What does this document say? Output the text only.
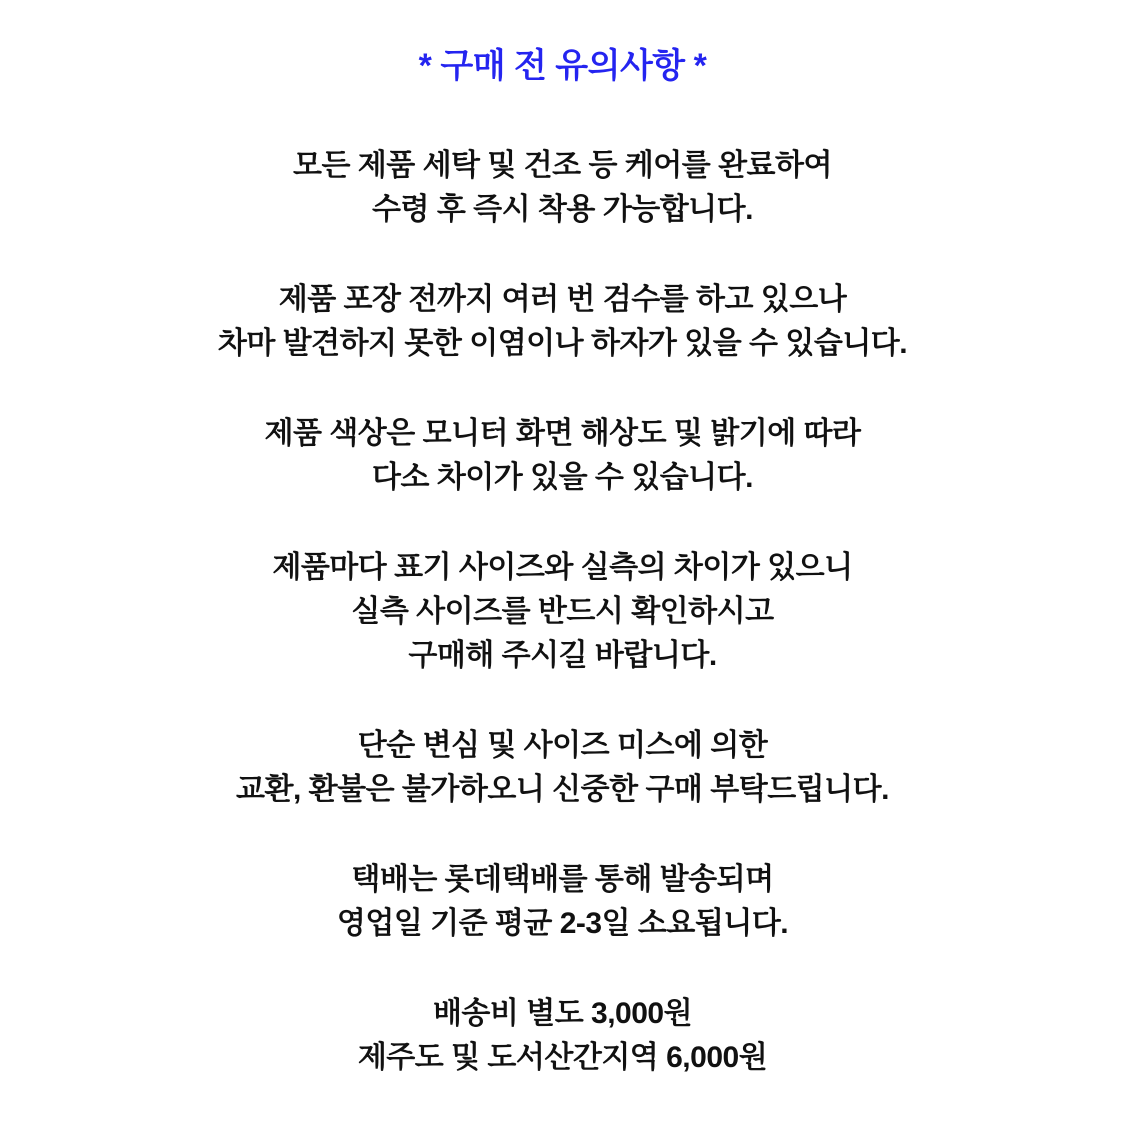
* 구매 전 유의사항 *

모든 제품 세탁 및 건조 등 케어를 완료하여
수령 후 즉시 착용 가능합니다.

제품 포장 전까지 여러 번 검수를 하고 있으나
차마 발견하지 못한 이염이나 하자가 있을 수 있습니다.

제품 색상은 모니터 화면 해상도 및 밝기에 따라
다소 차이가 있을 수 있습니다.

제품마다 표기 사이즈와 실측의 차이가 있으니
실측 사이즈를 반드시 확인하시고
구매해 주시길 바랍니다.

단순 변심 및 사이즈 미스에 의한
교환, 환불은 불가하오니 신중한 구매 부탁드립니다.

택배는 롯데택배를 통해 발송되며
영업일 기준 평균 2-3일 소요됩니다.

배송비 별도 3,000원
제주도 및 도서산간지역 6,000원
